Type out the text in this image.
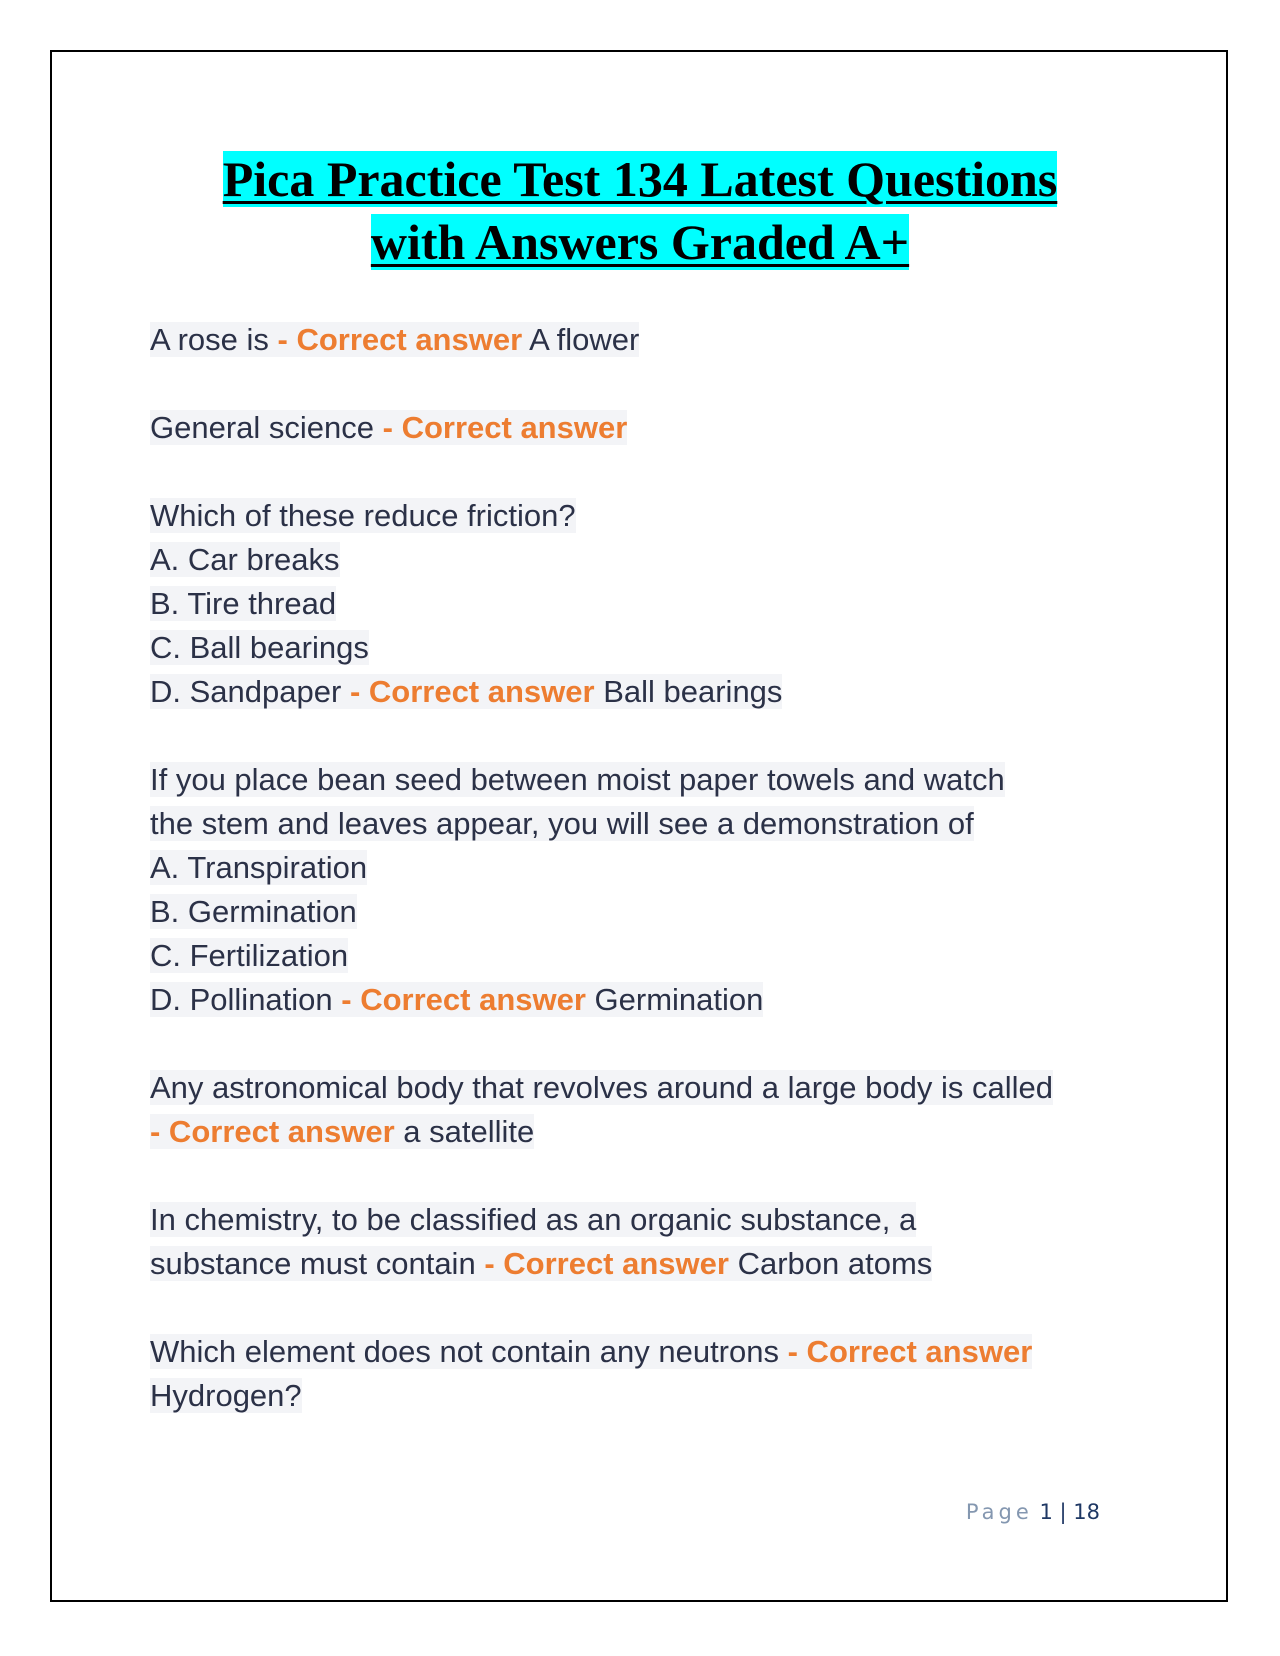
Pica Practice Test 134 Latest Questions
with Answers Graded A+

A rose is - Correct answer A flower

General science - Correct answer

Which of these reduce friction?

A. Car breaks

B. Tire thread

C. Ball bearings

D. Sandpaper - Correct answer Ball bearings

If you place bean seed between moist paper towels and watch

the stem and leaves appear, you will see a demonstration of

A. Transpiration

B. Germination

C. Fertilization

D. Pollination - Correct answer Germination

Any astronomical body that revolves around a large body is called

- Correct answer a satellite

In chemistry, to be classified as an organic substance, a

substance must contain - Correct answer Carbon atoms

Which element does not contain any neutrons - Correct answer

Hydrogen?

Page 1 | 18
